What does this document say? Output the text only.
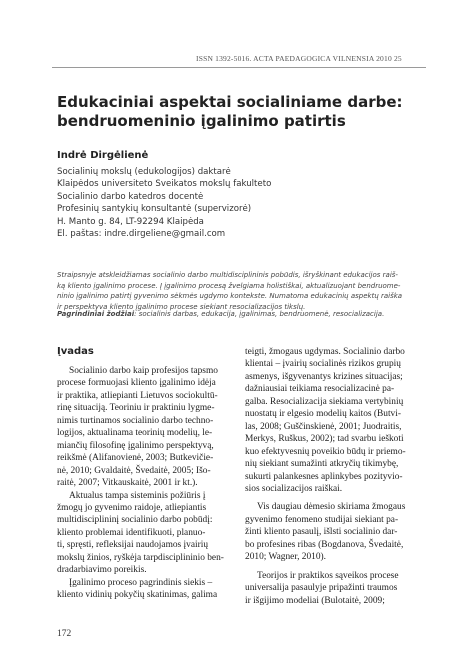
ISSN 1392-5016. ACTA PAEDAGOGICA VILNENSIA 2010 25
Edukaciniai aspektai socialiniame darbe:
bendruomeninio įgalinimo patirtis
Indrė Dirgėlienė
Socialinių mokslų (edukologijos) daktarė
Klaipėdos universiteto Sveikatos mokslų fakulteto
Socialinio darbo katedros docentė
Profesinių santykių konsultantė (supervizorė)
H. Manto g. 84, LT-92294 Klaipėda
El. paštas: indre.dirgeliene@gmail.com
Straipsnyje atskleidžiamas socialinio darbo multidisciplininis pobūdis, išryškinant edukacijos raiš-
ką kliento įgalinimo procese. Į įgalinimo procesą žvelgiama holistiškai, aktualizuojant bendruome-
ninio įgalinimo patirtį gyvenimo sėkmės ugdymo kontekste. Numatoma edukacinių aspektų raiška
ir perspektyva kliento įgalinimo procese siekiant resocializacijos tikslų.
Pagrindiniai žodžiai: socialinis darbas, edukacija, įgalinimas, bendruomenė, resocializacija.
Įvadas
Socialinio darbo kaip profesijos tapsmo
procese formuojasi kliento įgalinimo idėja
ir praktika, atliepianti Lietuvos sociokultū-
rinę situaciją. Teoriniu ir praktiniu lygme-
nimis turtinamos socialinio darbo techno-
logijos, aktualinama teorinių modelių, le-
miančių filosofinę įgalinimo perspektyvą,
reikšmė (Alifanovienė, 2003; Butkevičie-
nė, 2010; Gvaldaitė, Švedaitė, 2005; Išo-
raitė, 2007; Vitkauskaitė, 2001 ir kt.).
Aktualus tampa sisteminis požiūris į
žmogų jo gyvenimo raidoje, atliepiantis
multidisciplininį socialinio darbo pobūdį:
kliento problemai identifikuoti, planuo-
ti, spręsti, refleksijai naudojamos įvairių
mokslų žinios, ryškėja tarpdisciplininio ben-
dradarbiavimo poreikis.
Įgalinimo proceso pagrindinis siekis –
kliento vidinių pokyčių skatinimas, galima
teigti, žmogaus ugdymas. Socialinio darbo
klientai – įvairių socialinės rizikos grupių
asmenys, išgyvenantys krizines situacijas;
dažniausiai teikiama resocializacinė pa-
galba. Resocializacija siekiama vertybinių
nuostatų ir elgesio modelių kaitos (Butvi-
las, 2008; Guščinskienė, 2001; Juodraitis,
Merkys, Ruškus, 2002); tad svarbu ieškoti
kuo efektyvesnių poveikio būdų ir priemo-
nių siekiant sumažinti atkryčių tikimybę,
sukurti palankesnes aplinkybes pozityvio-
sios socializacijos raiškai.
Vis daugiau dėmesio skiriama žmogaus
gyvenimo fenomeno studijai siekiant pa-
žinti kliento pasaulį, išlsti socialinio dar-
bo profesines ribas (Bogdanova, Švedaitė,
2010; Wagner, 2010).
Teorijos ir praktikos sąveikos procese
universalija pasaulyje pripažinti traumos
ir išgijimo modeliai (Bulotaitė, 2009;
172
